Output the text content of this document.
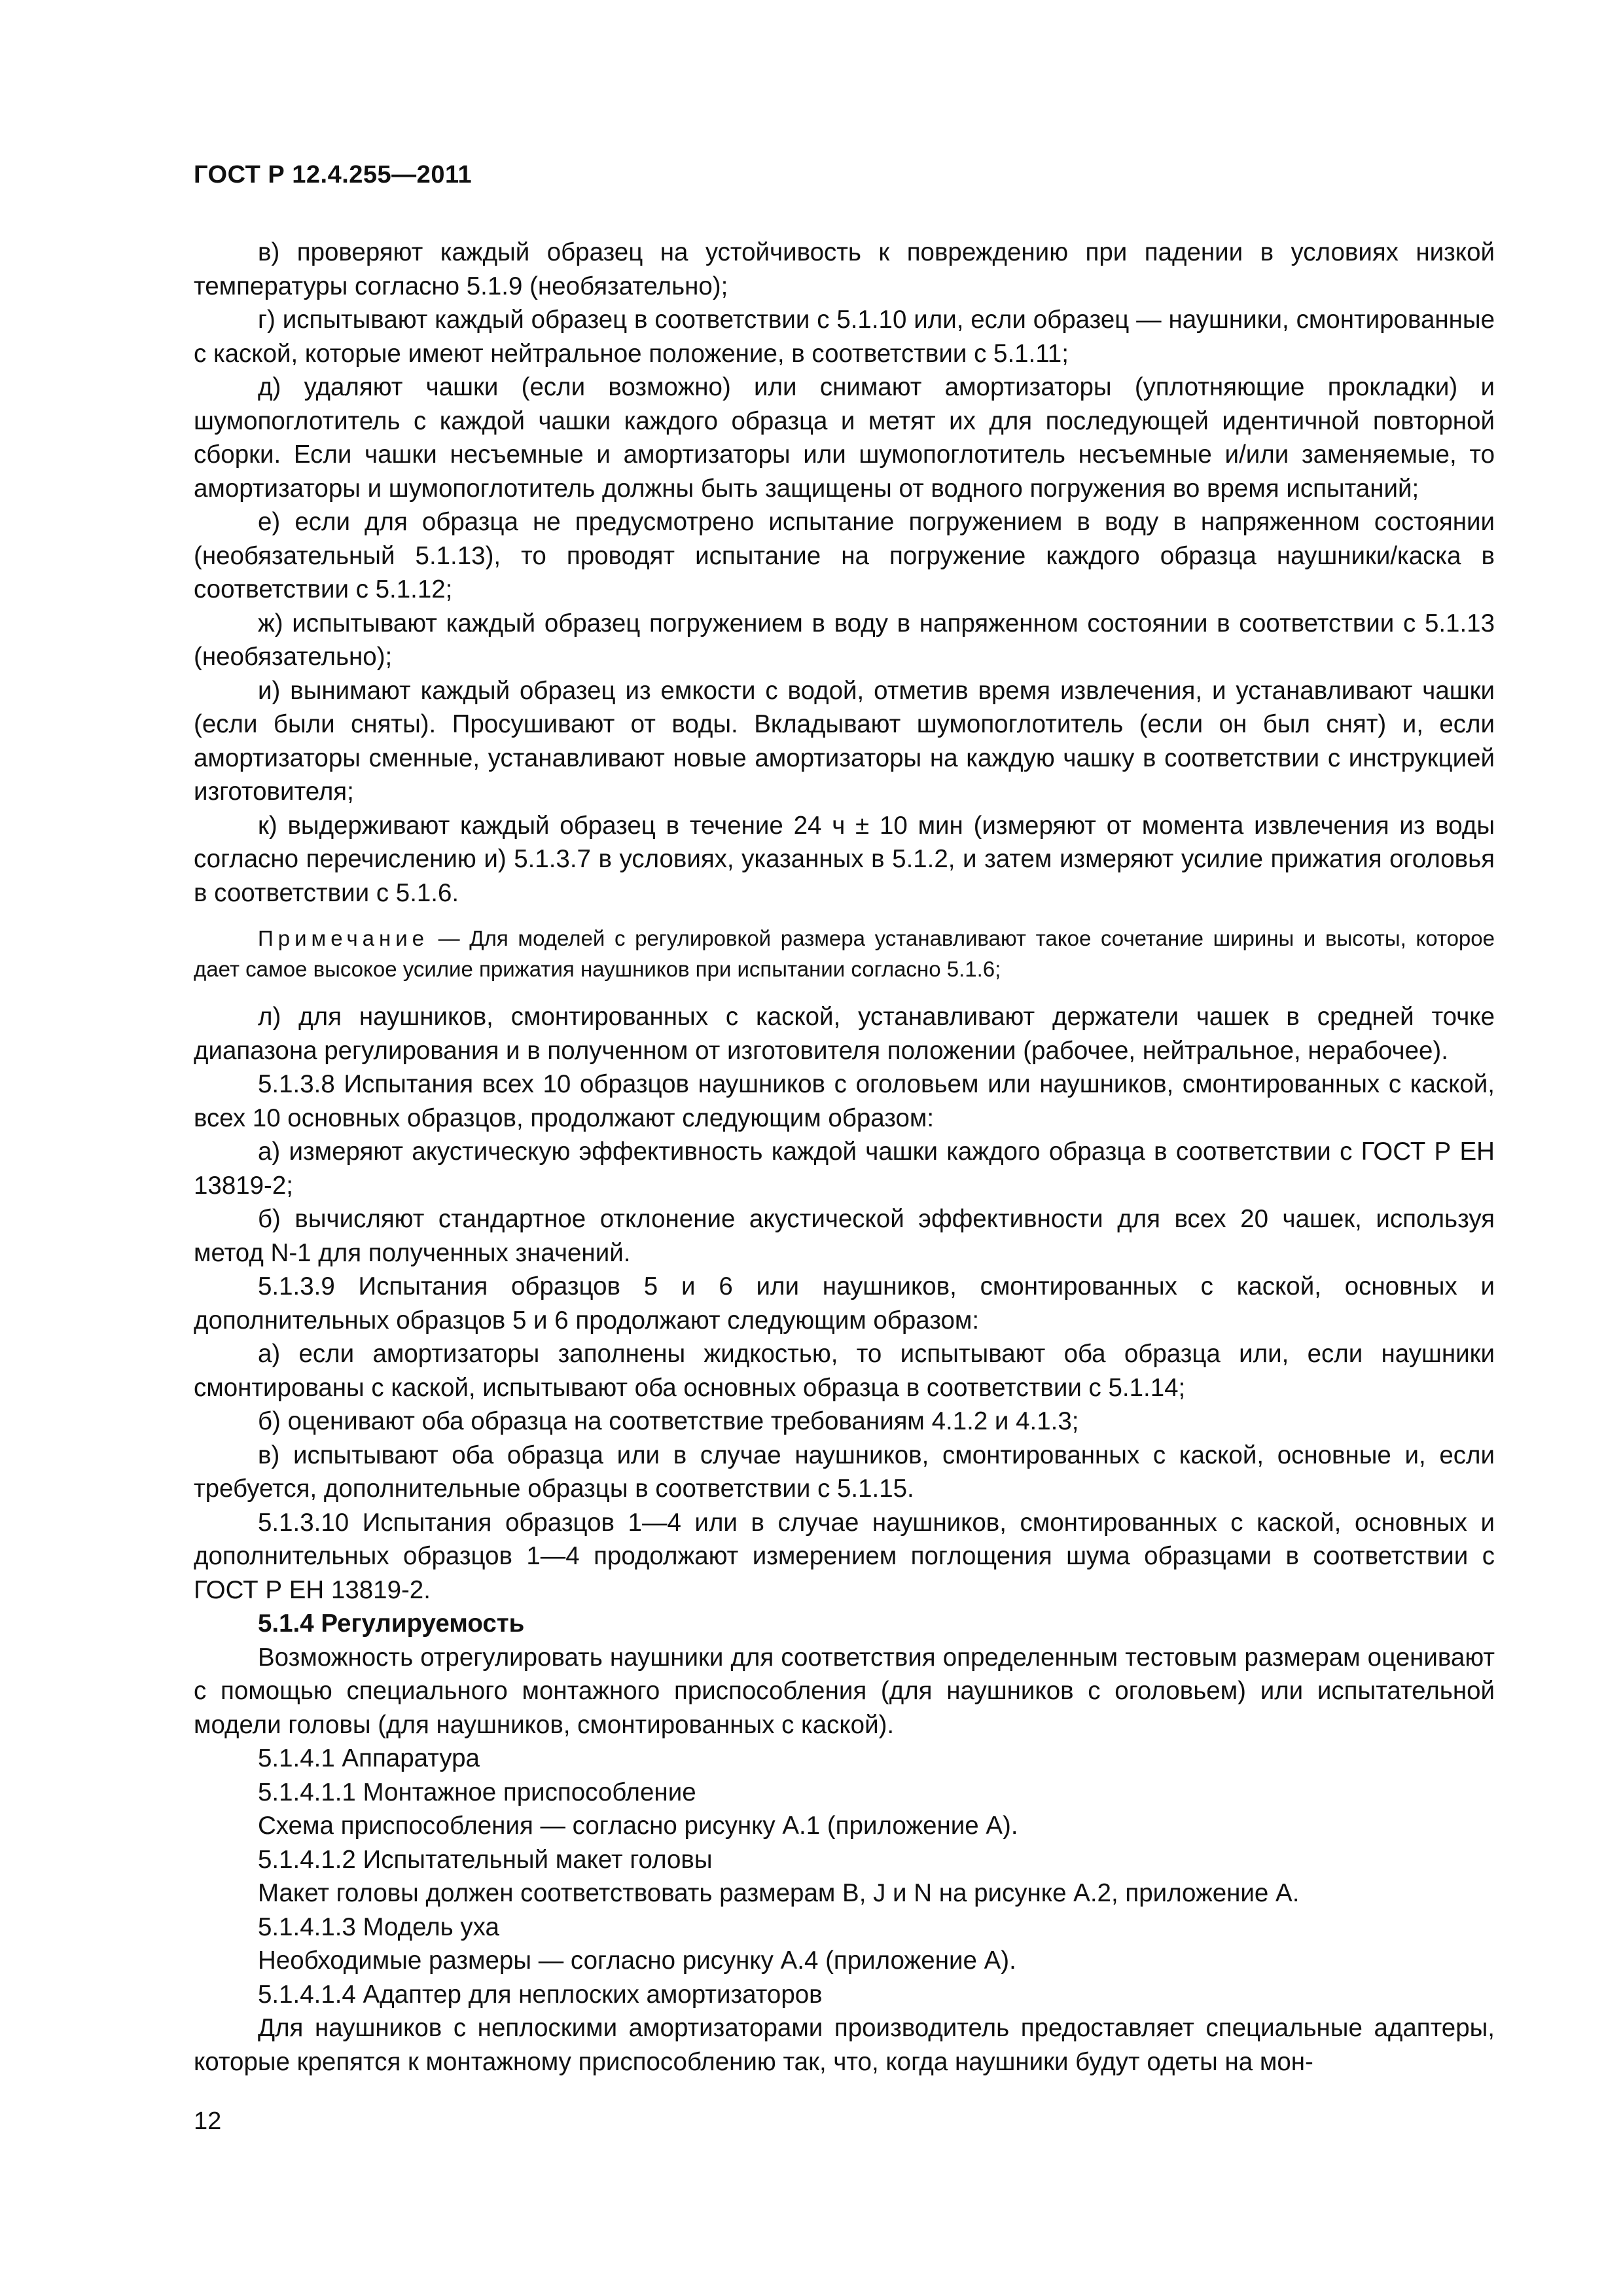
ГОСТ Р 12.4.255—2011

в) проверяют каждый образец на устойчивость к повреждению при падении в условиях низкой температуры согласно 5.1.9 (необязательно);

г) испытывают каждый образец в соответствии с 5.1.10 или, если образец — наушники, смонтированные с каской, которые имеют нейтральное положение, в соответствии с 5.1.11;

д) удаляют чашки (если возможно) или снимают амортизаторы (уплотняющие прокладки) и шумопоглотитель с каждой чашки каждого образца и метят их для последующей идентичной повторной сборки. Если чашки несъемные и амортизаторы или шумопоглотитель несъемные и/или заменяемые, то амортизаторы и шумопоглотитель должны быть защищены от водного погружения во время испытаний;

е) если для образца не предусмотрено испытание погружением в воду в напряженном состоянии (необязательный 5.1.13), то проводят испытание на погружение каждого образца наушники/каска в соответствии с 5.1.12;

ж) испытывают каждый образец погружением в воду в напряженном состоянии в соответствии с 5.1.13 (необязательно);

и) вынимают каждый образец из емкости с водой, отметив время извлечения, и устанавливают чашки (если были сняты). Просушивают от воды. Вкладывают шумопоглотитель (если он был снят) и, если амортизаторы сменные, устанавливают новые амортизаторы на каждую чашку в соответствии с инструкцией изготовителя;

к) выдерживают каждый образец в течение 24 ч ± 10 мин (измеряют от момента извлечения из воды согласно перечислению и) 5.1.3.7 в условиях, указанных в 5.1.2, и затем измеряют усилие прижатия оголовья в соответствии с 5.1.6.

Примечание — Для моделей с регулировкой размера устанавливают такое сочетание ширины и высоты, которое дает самое высокое усилие прижатия наушников при испытании согласно 5.1.6;

л) для наушников, смонтированных с каской, устанавливают держатели чашек в средней точке диапазона регулирования и в полученном от изготовителя положении (рабочее, нейтральное, нерабочее).

5.1.3.8 Испытания всех 10 образцов наушников с оголовьем или наушников, смонтированных с каской, всех 10 основных образцов, продолжают следующим образом:

а) измеряют акустическую эффективность каждой чашки каждого образца в соответствии с ГОСТ Р ЕН 13819-2;

б) вычисляют стандартное отклонение акустической эффективности для всех 20 чашек, используя метод N-1 для полученных значений.

5.1.3.9 Испытания образцов 5 и 6 или наушников, смонтированных с каской, основных и дополнительных образцов 5 и 6 продолжают следующим образом:

а) если амортизаторы заполнены жидкостью, то испытывают оба образца или, если наушники смонтированы с каской, испытывают оба основных образца в соответствии с 5.1.14;

б) оценивают оба образца на соответствие требованиям 4.1.2 и 4.1.3;

в) испытывают оба образца или в случае наушников, смонтированных с каской, основные и, если требуется, дополнительные образцы в соответствии с 5.1.15.

5.1.3.10 Испытания образцов 1—4 или в случае наушников, смонтированных с каской, основных и дополнительных образцов 1—4 продолжают измерением поглощения шума образцами в соответствии с ГОСТ Р ЕН 13819-2.

5.1.4 Регулируемость

Возможность отрегулировать наушники для соответствия определенным тестовым размерам оценивают с помощью специального монтажного приспособления (для наушников с оголовьем) или испытательной модели головы (для наушников, смонтированных с каской).

5.1.4.1 Аппаратура

5.1.4.1.1 Монтажное приспособление

Схема приспособления — согласно рисунку А.1 (приложение А).

5.1.4.1.2 Испытательный макет головы

Макет головы должен соответствовать размерам B, J и N на рисунке А.2, приложение А.

5.1.4.1.3 Модель уха

Необходимые размеры — согласно рисунку А.4 (приложение А).

5.1.4.1.4 Адаптер для неплоских амортизаторов

Для наушников с неплоскими амортизаторами производитель предоставляет специальные адаптеры, которые крепятся к монтажному приспособлению так, что, когда наушники будут одеты на мон-

12
